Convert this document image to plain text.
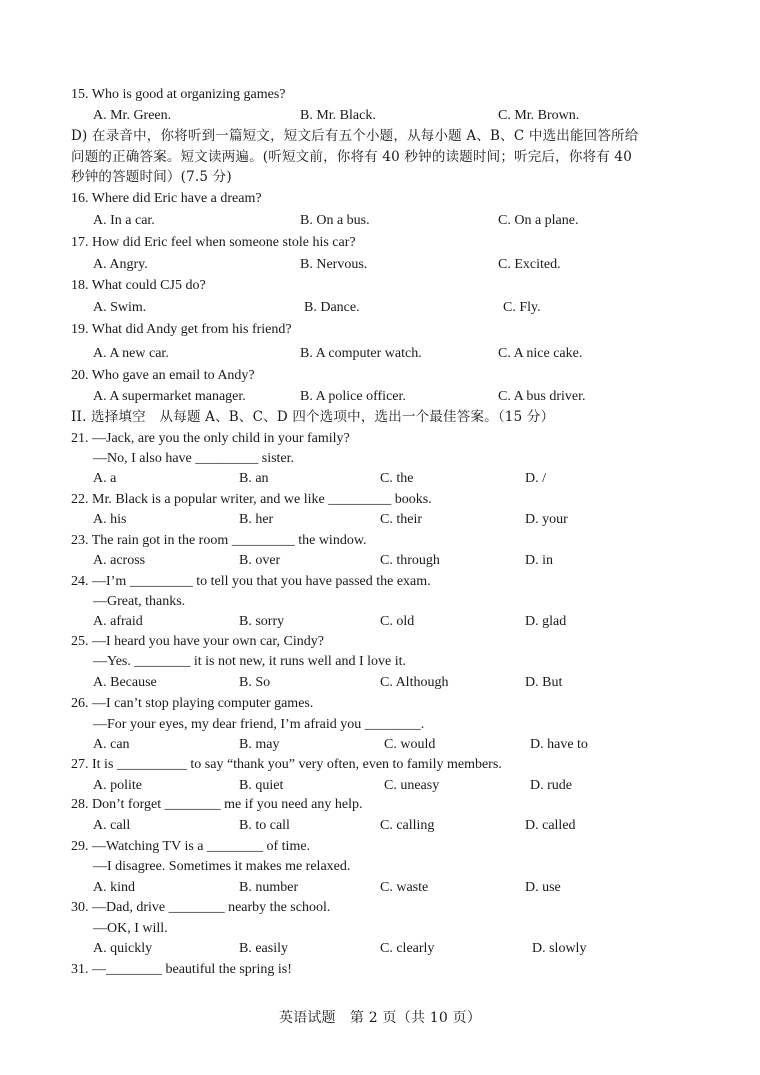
15. Who is good at organizing games?
A. Mr. Green.	B. Mr. Black.	C. Mr. Brown.
D) 在录音中，你将听到一篇短文，短文后有五个小题，从每小题 A、B、C 中选出能回答所给
问题的正确答案。短文读两遍。(听短文前，你将有 40 秒钟的读题时间；听完后，你将有 40
秒钟的答题时间）(7.5 分)
16. Where did Eric have a dream?
A. In a car.	B. On a bus.	C. On a plane.
17. How did Eric feel when someone stole his car?
A. Angry.	B. Nervous.	C. Excited.
18. What could CJ5 do?
A. Swim.	B. Dance.	C. Fly.
19. What did Andy get from his friend?
A. A new car.	B. A computer watch.	C. A nice cake.
20. Who gave an email to Andy?
A. A supermarket manager.	B. A police officer.	C. A bus driver.
II. 选择填空　从每题 A、B、C、D 四个选项中，选出一个最佳答案。（15 分）
21. —Jack, are you the only child in your family?
—No, I also have _________ sister.
A. a	B. an	C. the	D. /
22. Mr. Black is a popular writer, and we like _________ books.
A. his	B. her	C. their	D. your
23. The rain got in the room _________ the window.
A. across	B. over	C. through	D. in
24. —I’m _________ to tell you that you have passed the exam.
—Great, thanks.
A. afraid	B. sorry	C. old	D. glad
25. —I heard you have your own car, Cindy?
—Yes. ________ it is not new, it runs well and I love it.
A. Because	B. So	C. Although	D. But
26. —I can’t stop playing computer games.
—For your eyes, my dear friend, I’m afraid you ________.
A. can	B. may	C. would	D. have to
27. It is __________ to say “thank you” very often, even to family members.
A. polite	B. quiet	C. uneasy	D. rude
28. Don’t forget ________ me if you need any help.
A. call	B. to call	C. calling	D. called
29. —Watching TV is a ________ of time.
—I disagree. Sometimes it makes me relaxed.
A. kind	B. number	C. waste	D. use
30. —Dad, drive ________ nearby the school.
—OK, I will.
A. quickly	B. easily	C. clearly	D. slowly
31. —________ beautiful the spring is!
英语试题　第 2 页（共 10 页）
